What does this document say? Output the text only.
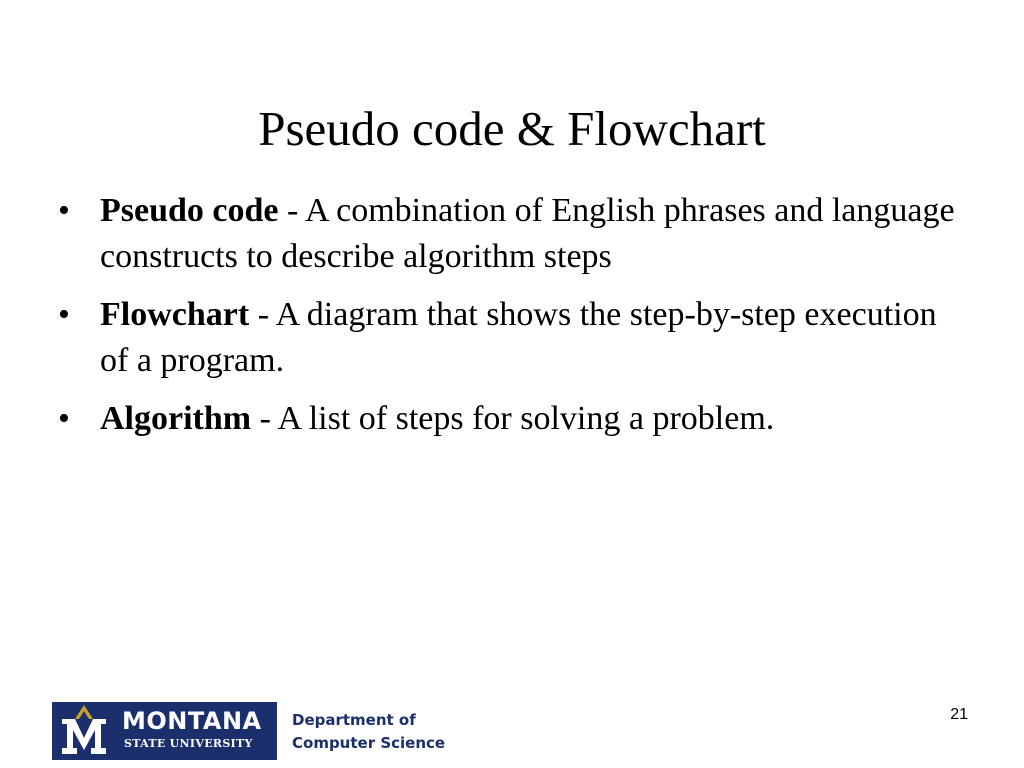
Pseudo code & Flowchart
• Pseudo code - A combination of English phrases and language constructs to describe algorithm steps
• Flowchart - A diagram that shows the step-by-step execution of a program.
• Algorithm - A list of steps for solving a problem.
MONTANA
STATE UNIVERSITY
Department of
Computer Science
21
